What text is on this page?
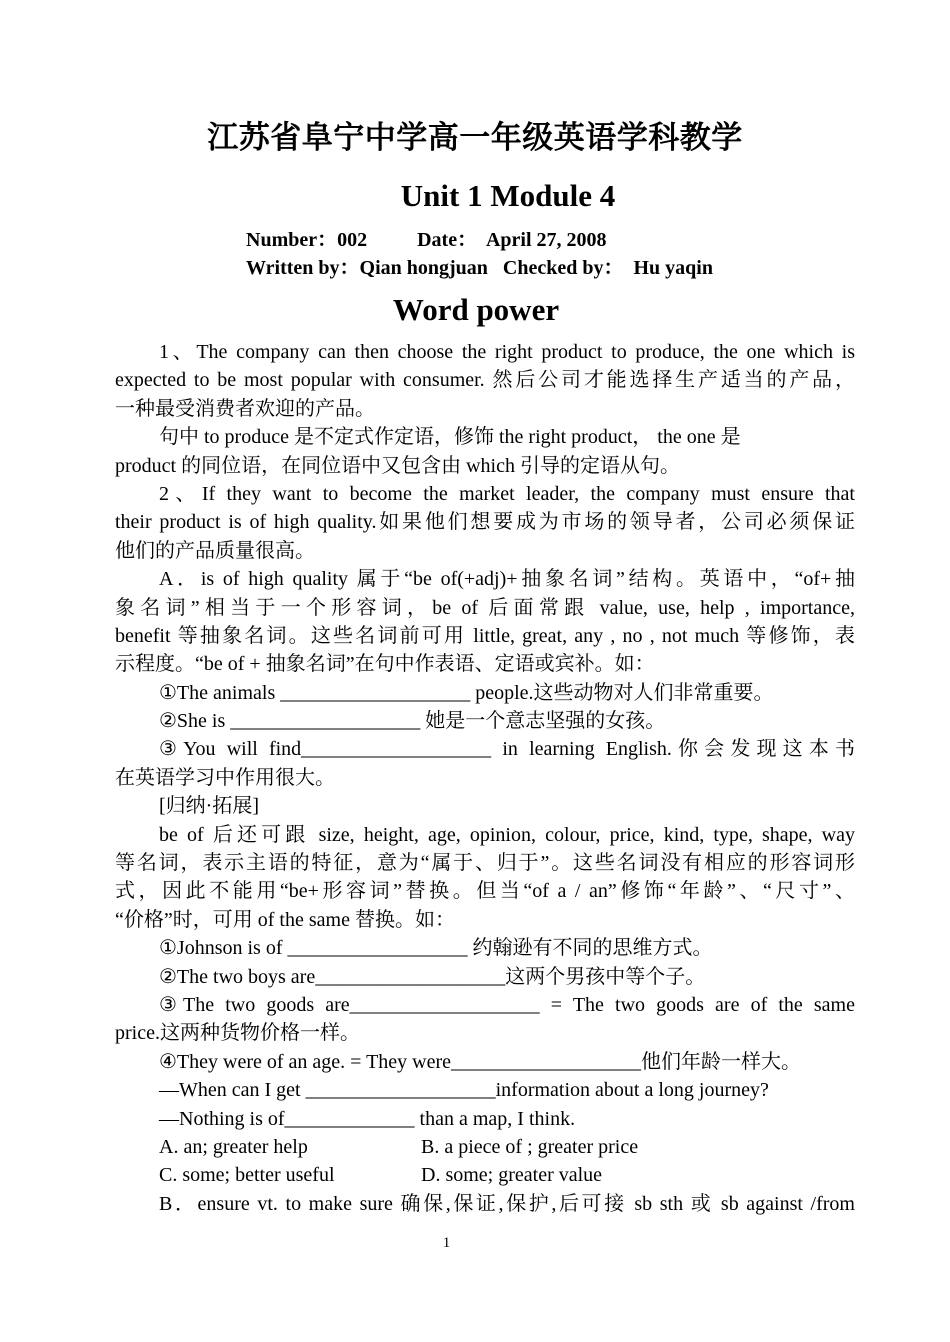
江苏省阜宁中学高一年级英语学科教学
Unit 1 Module 4
Number：002          Date：  April 27, 2008
Written by：Qian hongjuan   Checked by：  Hu yaqin
Word power
1、The company can then choose the right product to produce, the one which is
expected to be most popular with consumer. 然后公司才能选择生产适当的产品，
一种最受消费者欢迎的产品。
句中 to produce 是不定式作定语，修饰 the right product， the one 是
product 的同位语，在同位语中又包含由 which 引导的定语从句。
2、If they want to become the market leader, the company must ensure that
their product is of high quality.如果他们想要成为市场的领导者，公司必须保证
他们的产品质量很高。
A．is of high quality 属于“be of(+adj)+抽象名词”结构。英语中，“of+抽
象名词”相当于一个形容词，be of 后面常跟 value, use, help , importance,
benefit 等抽象名词。这些名词前可用 little, great, any , no , not much 等修饰，表
示程度。“be of + 抽象名词”在句中作表语、定语或宾补。如：
①The animals ___________________ people.这些动物对人们非常重要。
②She is ___________________ 她是一个意志坚强的女孩。
③You will find___________________ in learning English.你会发现这本书
在英语学习中作用很大。
[归纳·拓展]
be of 后还可跟 size, height, age, opinion, colour, price, kind, type, shape, way
等名词，表示主语的特征，意为“属于、归于”。这些名词没有相应的形容词形
式，因此不能用“be+形容词”替换。但当“of a / an”修饰“年龄”、“尺寸”、
“价格”时，可用 of the same 替换。如：
①Johnson is of __________________ 约翰逊有不同的思维方式。
②The two boys are___________________这两个男孩中等个子。
③The two goods are___________________ = The two goods are of the same
price.这两种货物价格一样。
④They were of an age. = They were___________________他们年龄一样大。
—When can I get ___________________information about a long journey?
—Nothing is of_____________ than a map, I think.
A. an; greater help	B. a piece of ; greater price
C. some; better useful	D. some; greater value
B．ensure vt. to make sure 确保,保证,保护,后可接 sb sth 或 sb against /from
1
